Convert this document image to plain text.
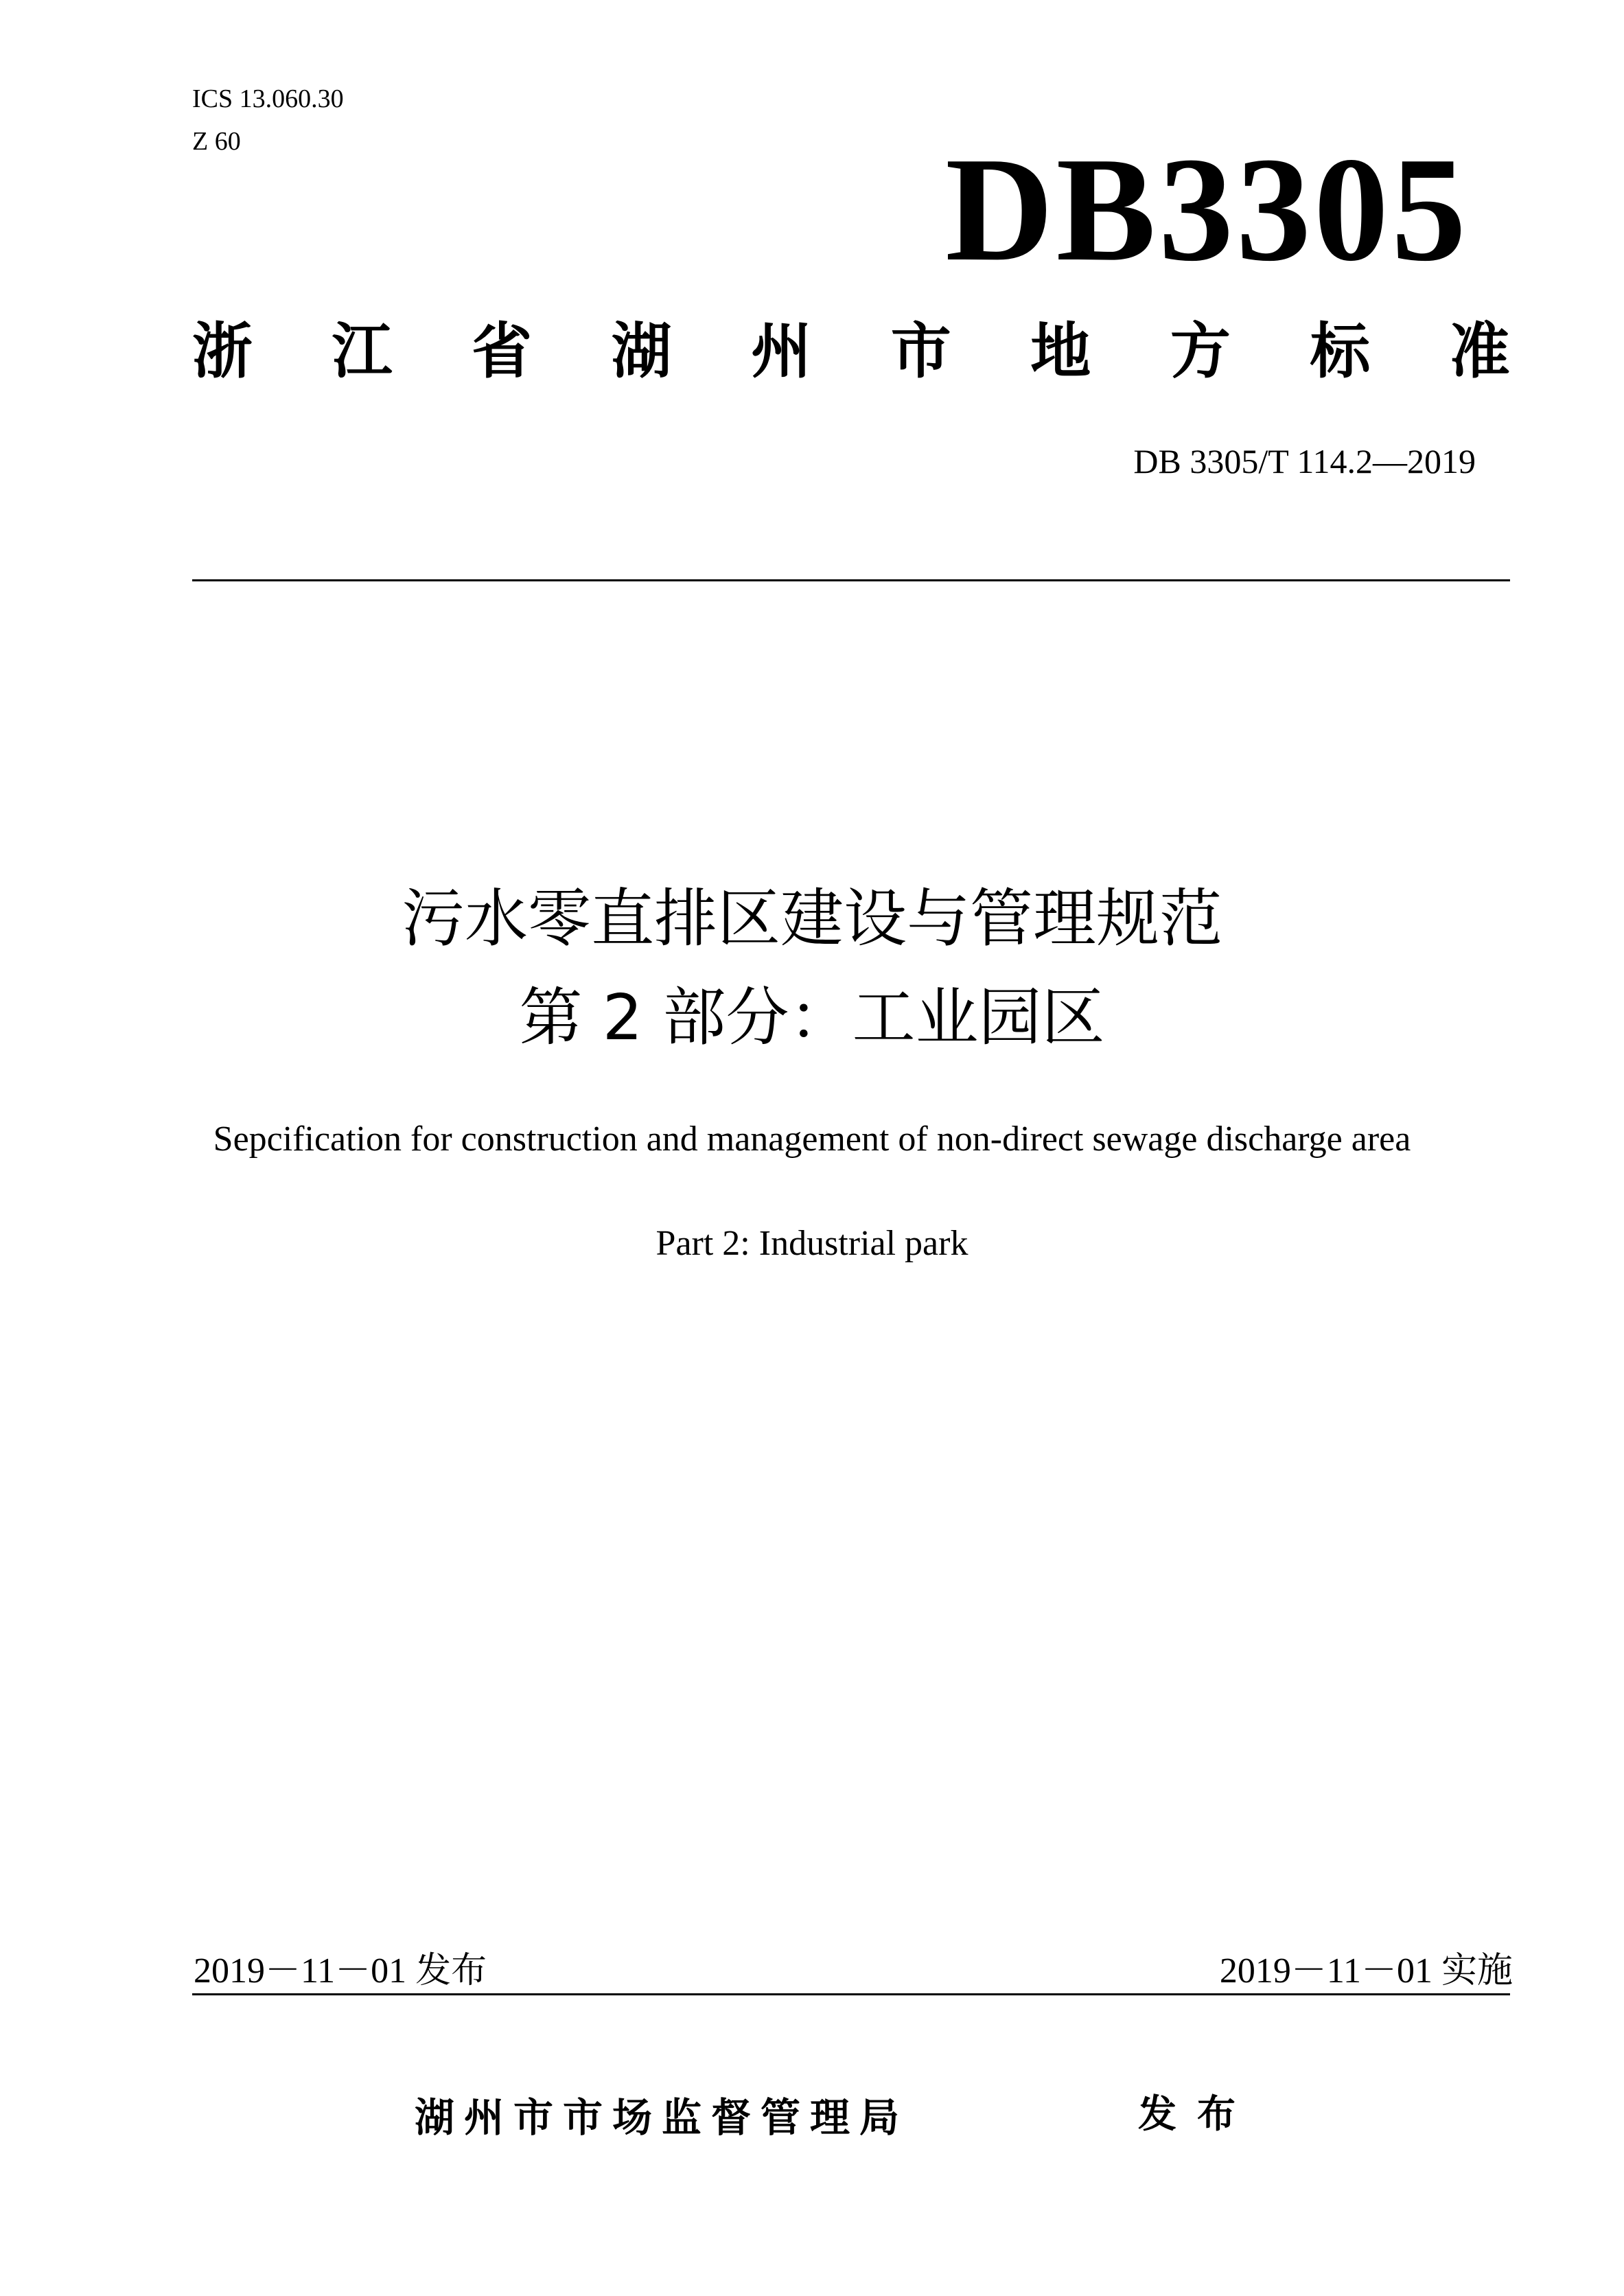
ICS 13.060.30
Z 60	DB3305
浙 江 省 湖 州 市 地 方 标 准
DB 3305/T 114.2—2019
污水零直排区建设与管理规范
第 2 部分：工业园区
Sepcification for construction and management of non-direct sewage discharge area
Part 2: Industrial park
2019－11－01 发布	2019－11－01 实施
湖州市市场监督管理局	发布
